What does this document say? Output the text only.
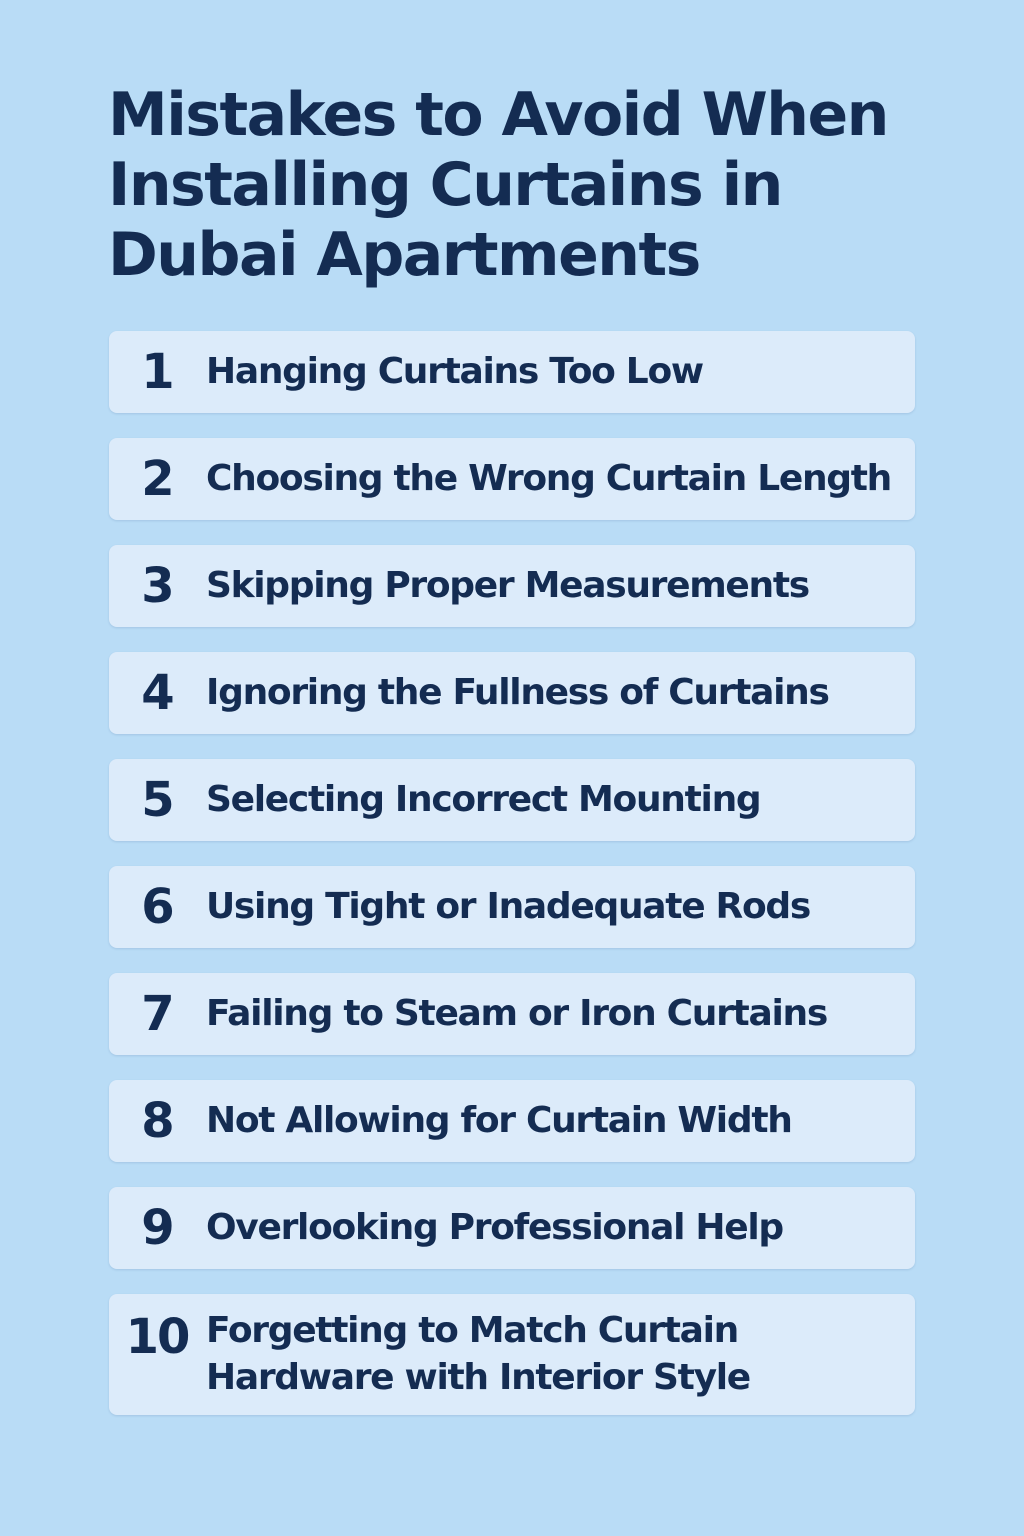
Mistakes to Avoid When Installing Curtains in Dubai Apartments
1 Hanging Curtains Too Low
2 Choosing the Wrong Curtain Length
3 Skipping Proper Measurements
4 Ignoring the Fullness of Curtains
5 Selecting Incorrect Mounting
6 Using Tight or Inadequate Rods
7 Failing to Steam or Iron Curtains
8 Not Allowing for Curtain Width
9 Overlooking Professional Help
10 Forgetting to Match Curtain Hardware with Interior Style
